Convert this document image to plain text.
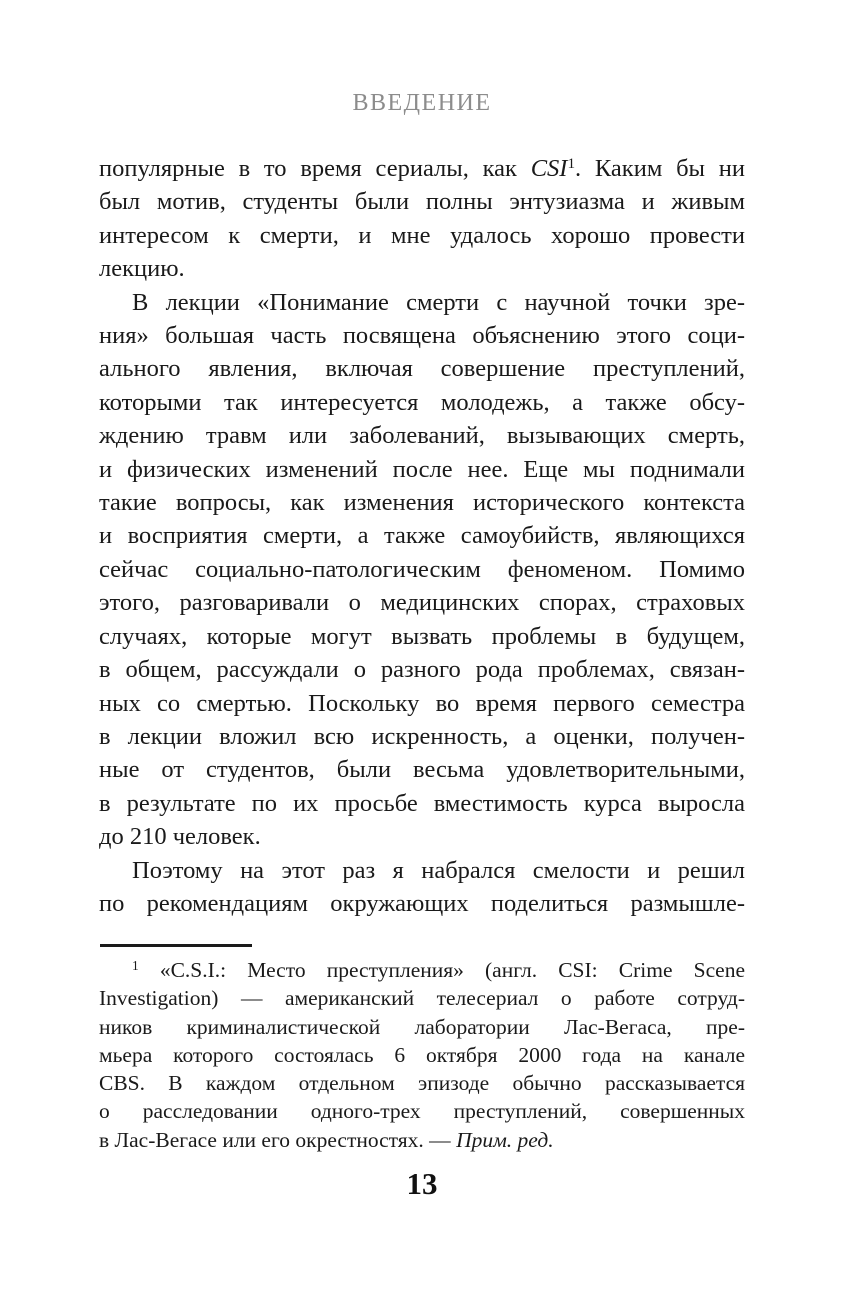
ВВЕДЕНИЕ
популярные в то время сериалы, как CSI$^1$. Каким бы ни
был мотив, студенты были полны энтузиазма и живым
интересом к смерти, и мне удалось хорошо провести
лекцию.
В лекции «Понимание смерти с научной точки зре-
ния» большая часть посвящена объяснению этого соци-
ального явления, включая совершение преступлений,
которыми так интересуется молодежь, а также обсу-
ждению травм или заболеваний, вызывающих смерть,
и физических изменений после нее. Еще мы поднимали
такие вопросы, как изменения исторического контекста
и восприятия смерти, а также самоубийств, являющихся
сейчас социально-патологическим феноменом. Помимо
этого, разговаривали о медицинских спорах, страховых
случаях, которые могут вызвать проблемы в будущем,
в общем, рассуждали о разного рода проблемах, связан-
ных со смертью. Поскольку во время первого семестра
в лекции вложил всю искренность, а оценки, получен-
ные от студентов, были весьма удовлетворительными,
в результате по их просьбе вместимость курса выросла
до 210 человек.
Поэтому на этот раз я набрался смелости и решил
по рекомендациям окружающих поделиться размышле-
$^1$ «C.S.I.: Место преступления» (англ. CSI: Crime Scene
Investigation) — американский телесериал о работе сотруд-
ников криминалистической лаборатории Лас-Вегаса, пре-
мьера которого состоялась 6 октября 2000 года на канале
CBS. В каждом отдельном эпизоде обычно рассказывается
о расследовании одного-трех преступлений, совершенных
в Лас-Вегасе или его окрестностях. — Прим. ред.
13
